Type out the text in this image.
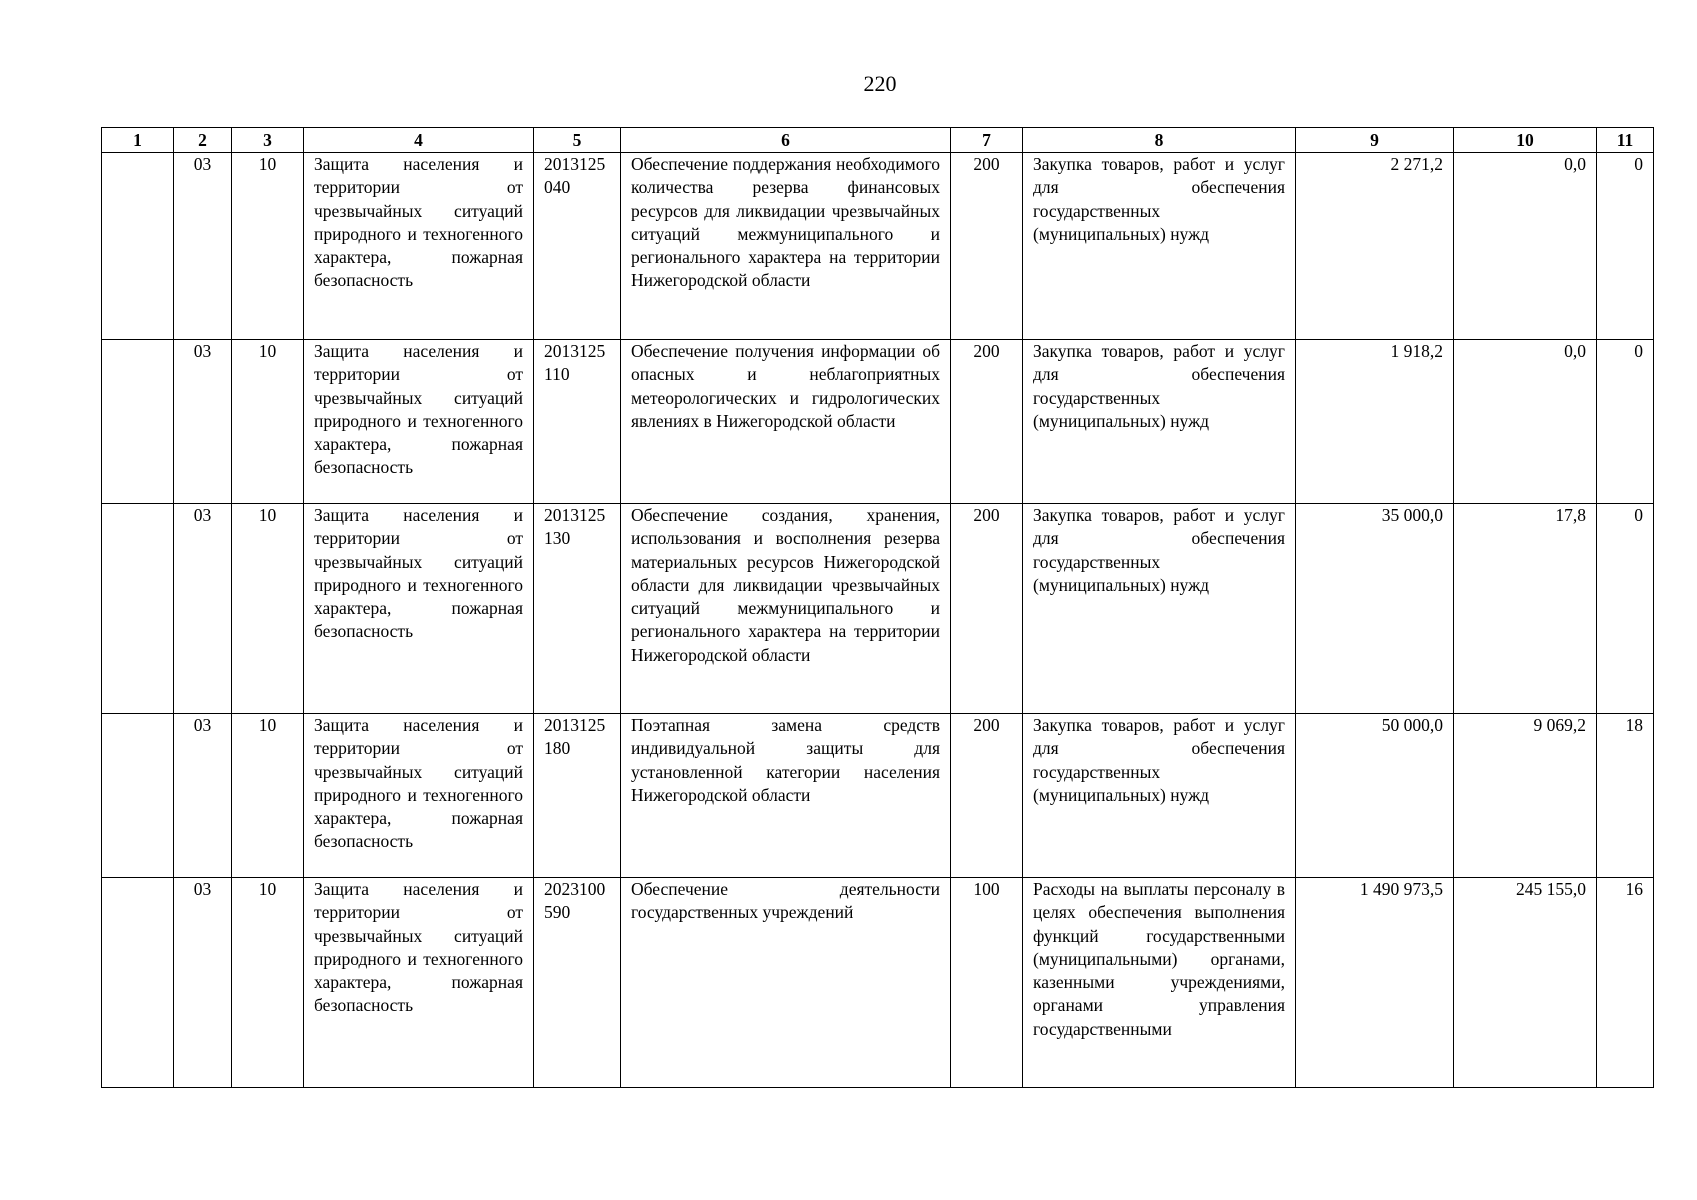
220
1	2	3	4	5	6	7	8	9	10	11
	03	10	Защита населения и территории от чрезвычайных ситуаций природного и техногенного характера, пожарная безопасность	2013125040	Обеспечение поддержания необходимого количества резерва финансовых ресурсов для ликвидации чрезвычайных ситуаций межмуниципального и регионального характера на территории Нижегородской области	200	Закупка товаров, работ и услуг для обеспечения государственных (муниципальных) нужд	2 271,2	0,0	0
	03	10	Защита населения и территории от чрезвычайных ситуаций природного и техногенного характера, пожарная безопасность	2013125110	Обеспечение получения информации об опасных и неблагоприятных метеорологических и гидрологических явлениях в Нижегородской области	200	Закупка товаров, работ и услуг для обеспечения государственных (муниципальных) нужд	1 918,2	0,0	0
	03	10	Защита населения и территории от чрезвычайных ситуаций природного и техногенного характера, пожарная безопасность	2013125130	Обеспечение создания, хранения, использования и восполнения резерва материальных ресурсов Нижегородской области для ликвидации чрезвычайных ситуаций межмуниципального и регионального характера на территории Нижегородской области	200	Закупка товаров, работ и услуг для обеспечения государственных (муниципальных) нужд	35 000,0	17,8	0
	03	10	Защита населения и территории от чрезвычайных ситуаций природного и техногенного характера, пожарная безопасность	2013125180	Поэтапная замена средств индивидуальной защиты для установленной категории населения Нижегородской области	200	Закупка товаров, работ и услуг для обеспечения государственных (муниципальных) нужд	50 000,0	9 069,2	18
	03	10	Защита населения и территории от чрезвычайных ситуаций природного и техногенного характера, пожарная безопасность	2023100590	Обеспечение деятельности государственных учреждений	100	Расходы на выплаты персоналу в целях обеспечения выполнения функций государственными (муниципальными) органами, казенными учреждениями, органами управления государственными	1 490 973,5	245 155,0	16
